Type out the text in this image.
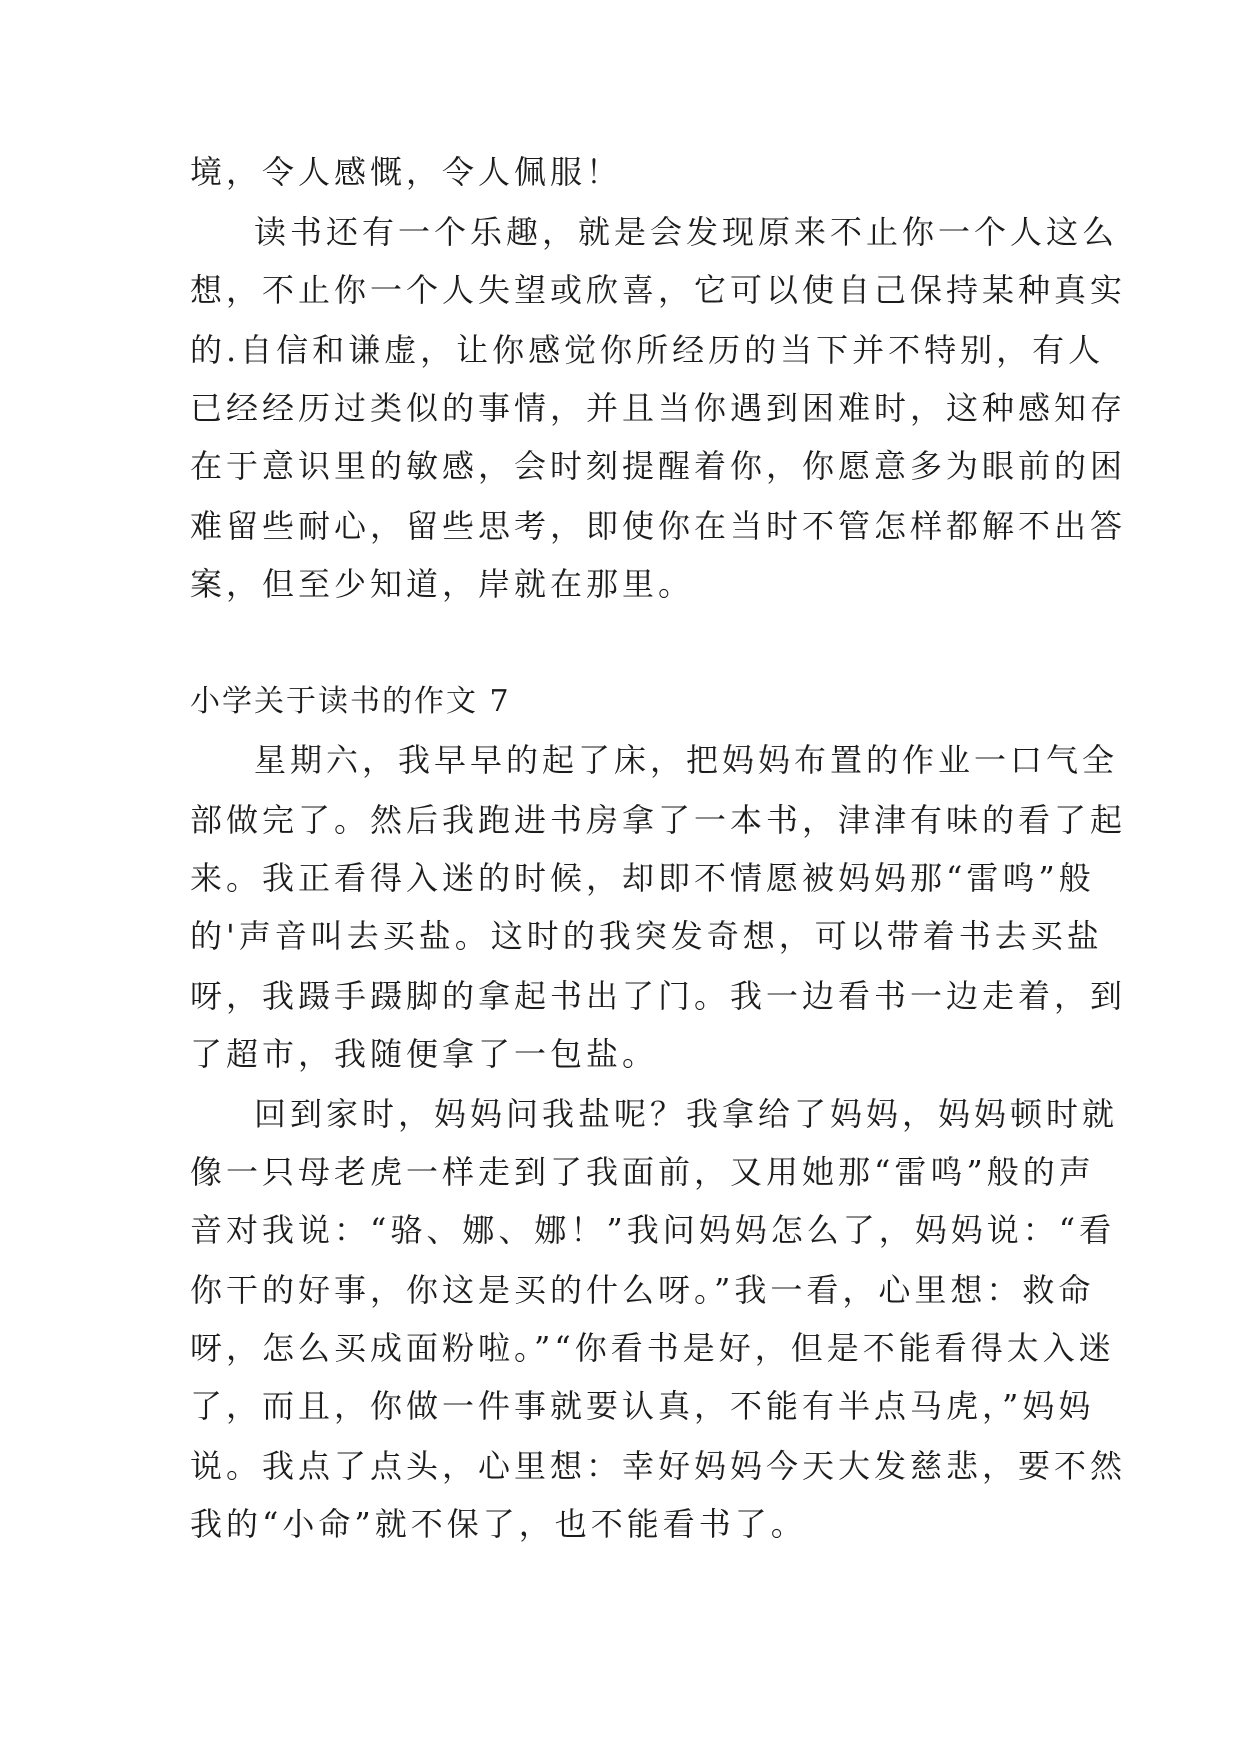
境，令人感慨，令人佩服！

读书还有一个乐趣，就是会发现原来不止你一个人这么

想，不止你一个人失望或欣喜，它可以使自己保持某种真实

的.自信和谦虚，让你感觉你所经历的当下并不特别，有人

已经经历过类似的事情，并且当你遇到困难时，这种感知存

在于意识里的敏感，会时刻提醒着你，你愿意多为眼前的困

难留些耐心，留些思考，即使你在当时不管怎样都解不出答

案，但至少知道，岸就在那里。

小学关于读书的作文 7

星期六，我早早的起了床，把妈妈布置的作业一口气全

部做完了。然后我跑进书房拿了一本书，津津有味的看了起

来。我正看得入迷的时候，却即不情愿被妈妈那“雷鸣”般

的'声音叫去买盐。这时的我突发奇想，可以带着书去买盐

呀，我蹑手蹑脚的拿起书出了门。我一边看书一边走着，到

了超市，我随便拿了一包盐。

回到家时，妈妈问我盐呢？我拿给了妈妈，妈妈顿时就

像一只母老虎一样走到了我面前，又用她那“雷鸣”般的声

音对我说：“骆、娜、娜！”我问妈妈怎么了，妈妈说：“看

你干的好事，你这是买的什么呀。”我一看，心里想：救命

呀，怎么买成面粉啦。”“你看书是好，但是不能看得太入迷

了，而且，你做一件事就要认真，不能有半点马虎，”妈妈

说。我点了点头，心里想：幸好妈妈今天大发慈悲，要不然

我的“小命”就不保了，也不能看书了。
